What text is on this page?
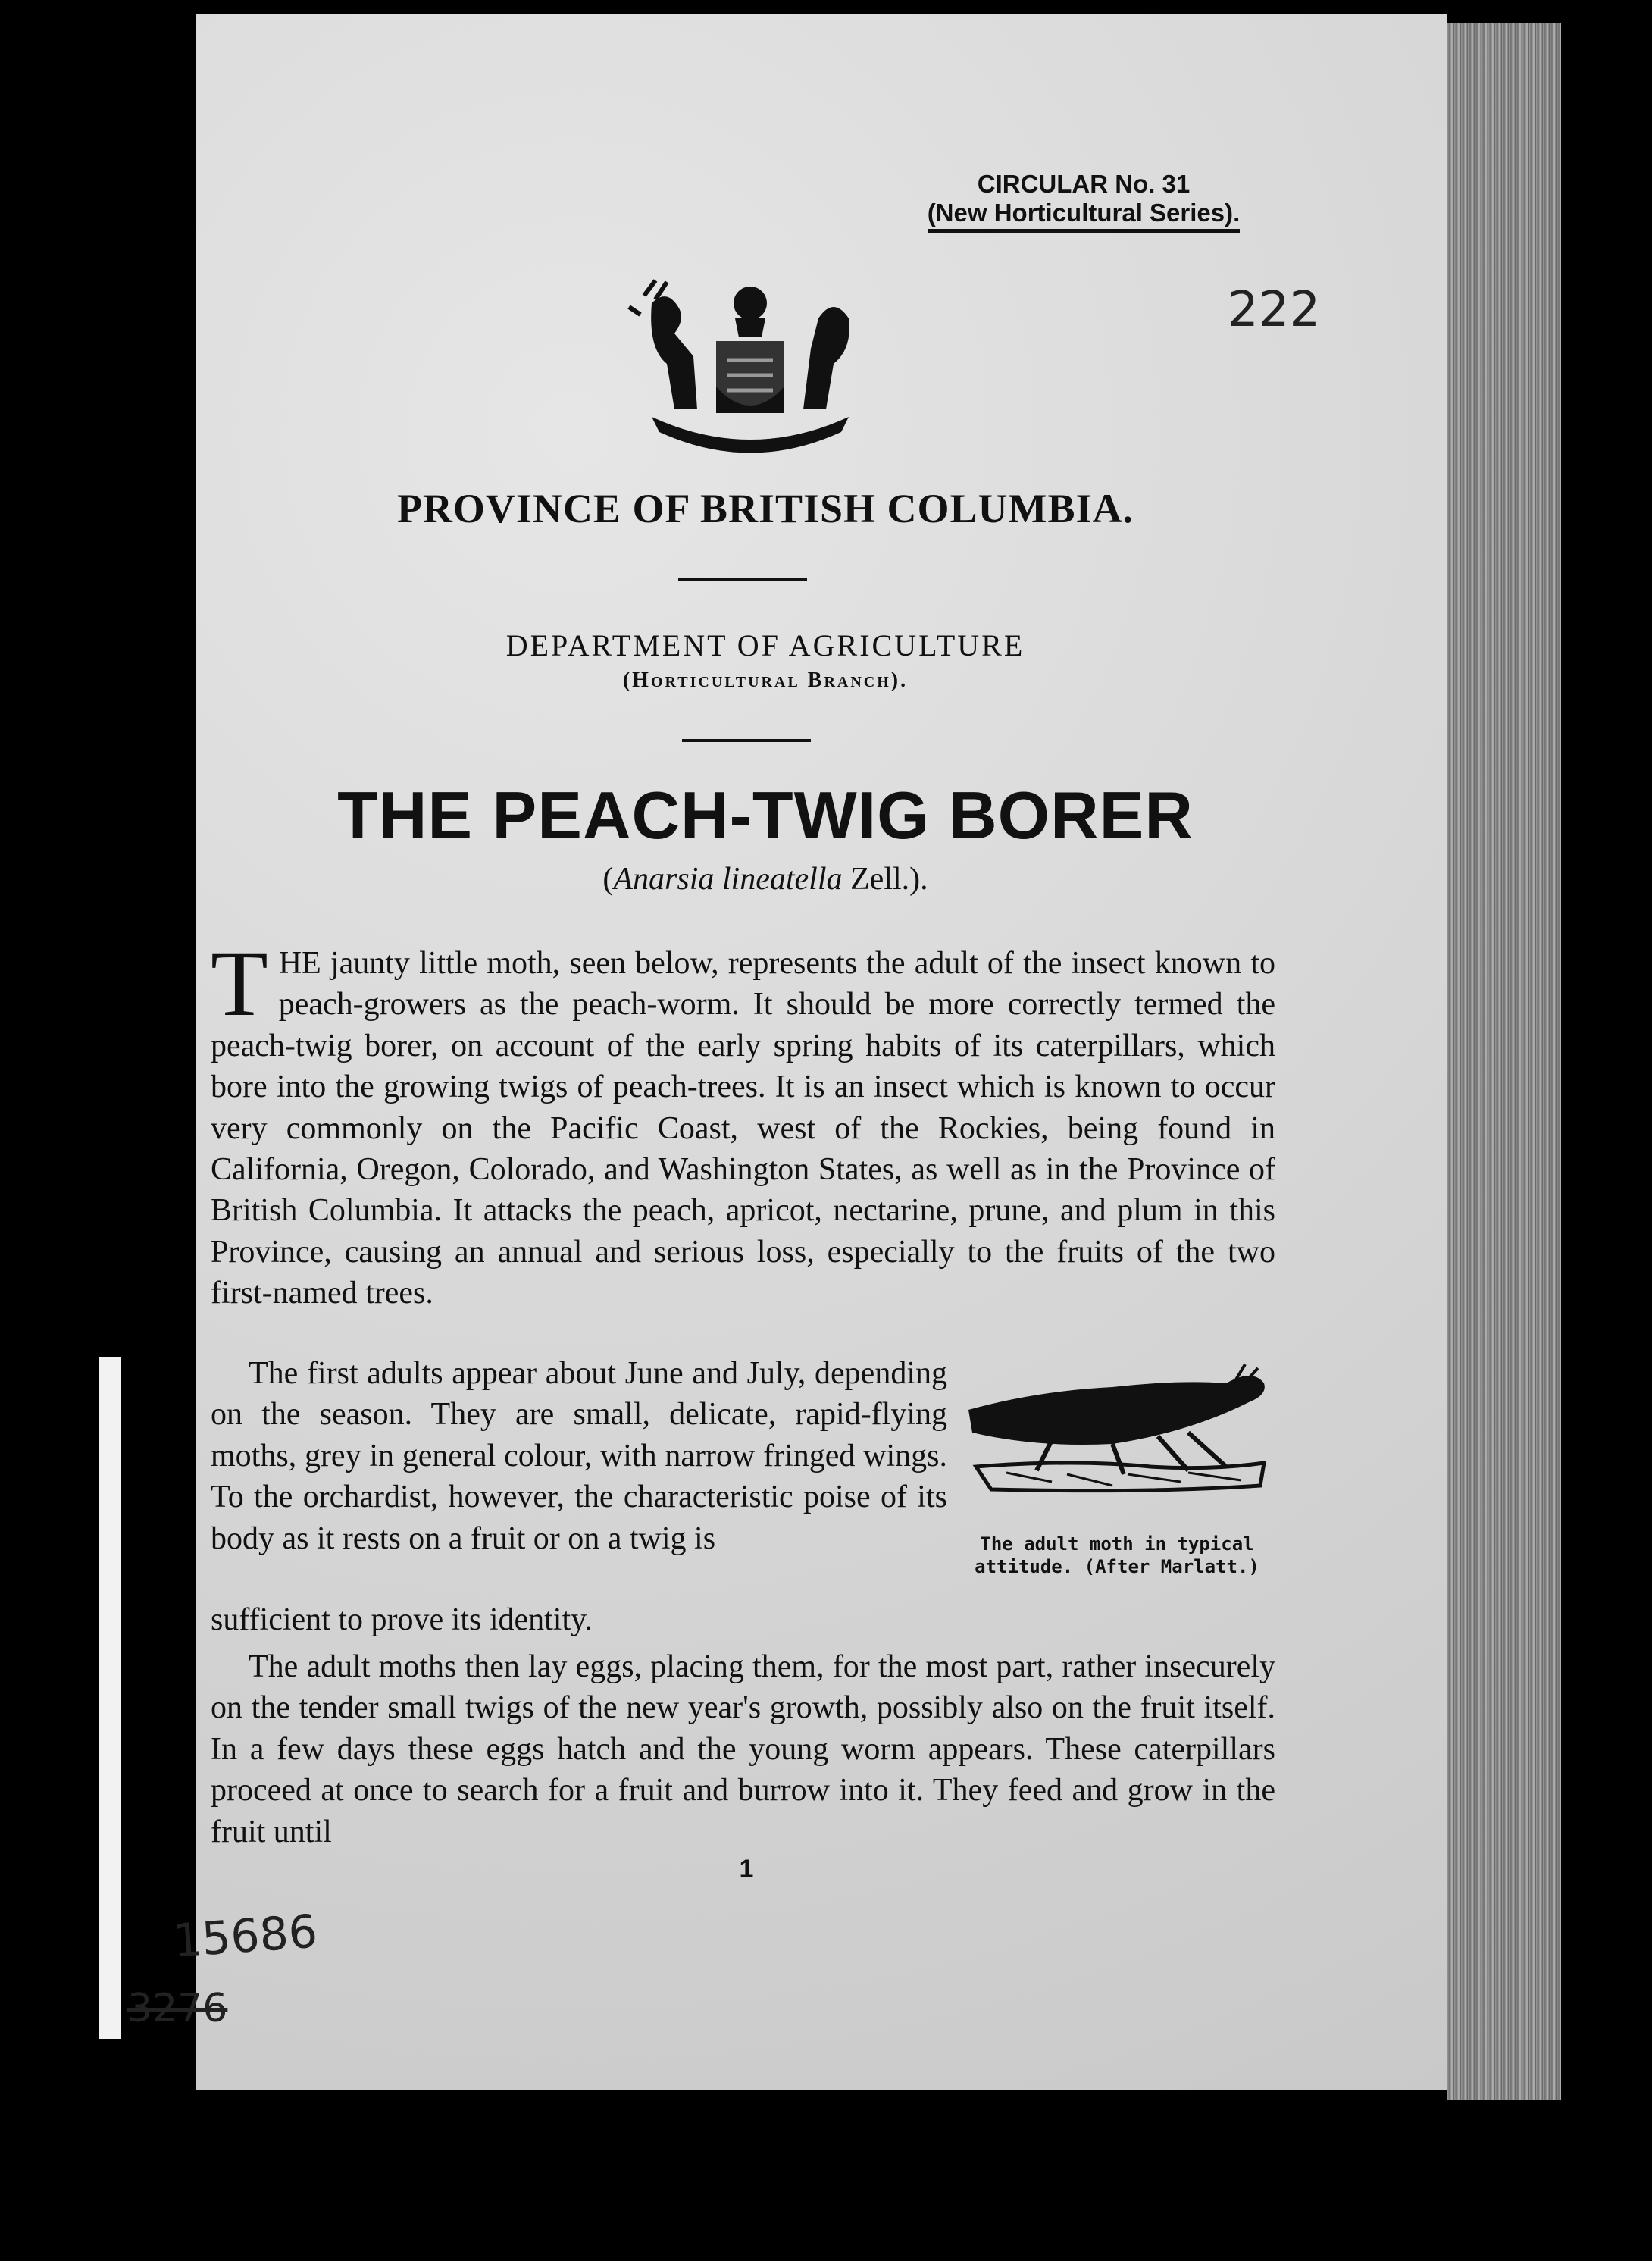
CIRCULAR No. 31
(New Horticultural Series).
222
PROVINCE OF BRITISH COLUMBIA.
DEPARTMENT OF AGRICULTURE
(Horticultural Branch).
THE PEACH-TWIG BORER
(Anarsia lineatella Zell.).

THE jaunty little moth, seen below, represents the adult of the insect known to peach-growers as the peach-worm. It should be more correctly termed the peach-twig borer, on account of the early spring habits of its caterpillars, which bore into the growing twigs of peach-trees. It is an insect which is known to occur very commonly on the Pacific Coast, west of the Rockies, being found in California, Oregon, Colorado, and Washington States, as well as in the Province of British Columbia. It attacks the peach, apricot, nectarine, prune, and plum in this Province, causing an annual and serious loss, especially to the fruits of the two first-named trees.

The first adults appear about June and July, depending on the season. They are small, delicate, rapid-flying moths, grey in general colour, with narrow fringed wings. To the orchardist, however, the characteristic poise of its body as it rests on a fruit or on a twig is

sufficient to prove its identity.

The adult moth in typical
attitude. (After Marlatt.)

The adult moths then lay eggs, placing them, for the most part, rather insecurely on the tender small twigs of the new year's growth, possibly also on the fruit itself. In a few days these eggs hatch and the young worm appears. These caterpillars proceed at once to search for a fruit and burrow into it. They feed and grow in the fruit until

1
15686
3276
